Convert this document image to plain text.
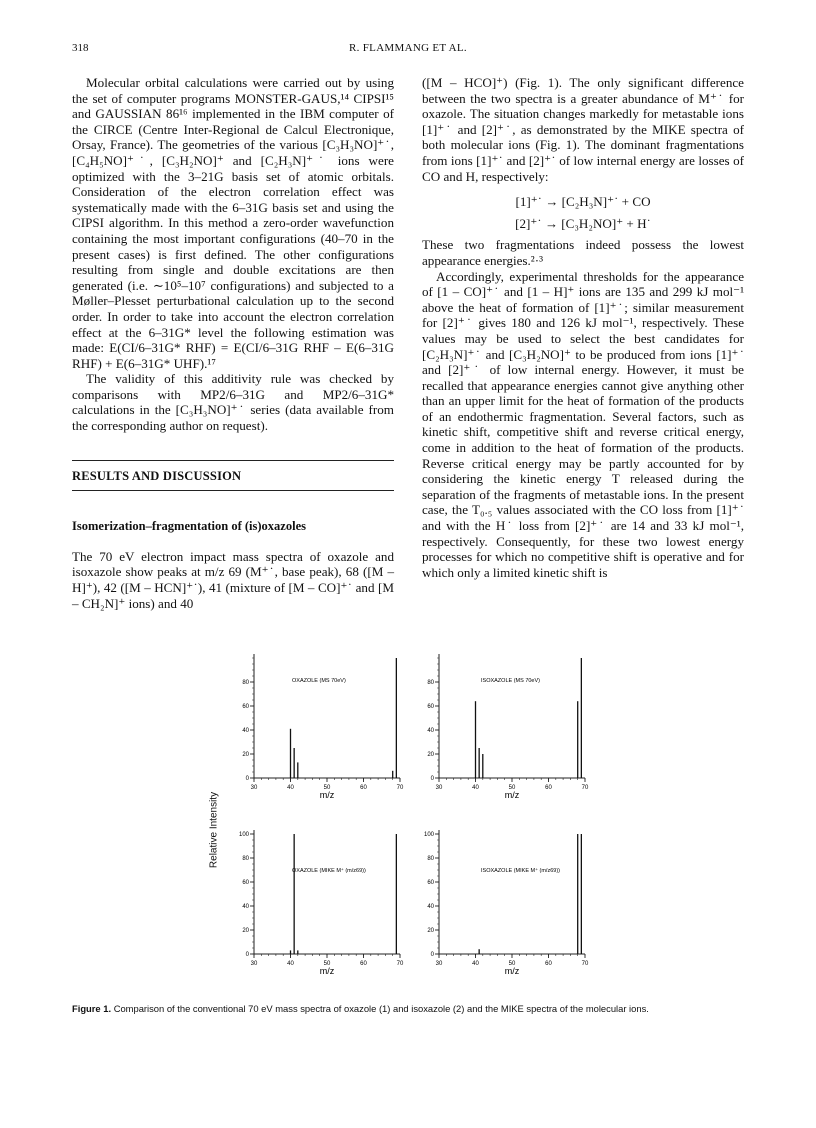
318	R. FLAMMANG ET AL.

Molecular orbital calculations were carried out by using the set of computer programs MONSTER-GAUS,¹⁴ CIPSI¹⁵ and GAUSSIAN 86¹⁶ implemented in the IBM computer of the CIRCE (Centre Inter-Regional de Calcul Electronique, Orsay, France). The geometries of the various [C₃H₃NO]⁺˙, [C₄H₅NO]⁺˙, [C₃H₂NO]⁺ and [C₂H₃N]⁺˙ ions were optimized with the 3–21G basis set of atomic orbitals. Consideration of the electron correlation effect was systematically made with the 6–31G basis set and using the CIPSI algorithm. In this method a zero-order wavefunction containing the most important configurations (40–70 in the present cases) is first defined. The other configurations resulting from single and double excitations are then generated (i.e. ∼10⁵–10⁷ configurations) and subjected to a Møller–Plesset perturbational calculation up to the second order. In order to take into account the electron correlation effect at the 6–31G* level the following estimation was made: E(CI/6–31G* RHF) = E(CI/6–31G RHF – E(6–31G RHF) + E(6–31G* UHF).¹⁷

The validity of this additivity rule was checked by comparisons with MP2/6–31G and MP2/6–31G* calculations in the [C₃H₃NO]⁺˙ series (data available from the corresponding author on request).

RESULTS AND DISCUSSION
Isomerization–fragmentation of (is)oxazoles

The 70 eV electron impact mass spectra of oxazole and isoxazole show peaks at m/z 69 (M⁺˙, base peak), 68 ([M – H]⁺), 42 ([M – HCN]⁺˙), 41 (mixture of [M – CO]⁺˙ and [M – CH₂N]⁺ ions) and 40

([M – HCO]⁺) (Fig. 1). The only significant difference between the two spectra is a greater abundance of M⁺˙ for oxazole. The situation changes markedly for metastable ions [1]⁺˙ and [2]⁺˙, as demonstrated by the MIKE spectra of both molecular ions (Fig. 1). The dominant fragmentations from ions [1]⁺˙ and [2]⁺˙ of low internal energy are losses of CO and H, respectively:

[1]⁺˙ → [C₂H₃N]⁺˙ + CO
[2]⁺˙ → [C₃H₂NO]⁺ + H˙

These two fragmentations indeed possess the lowest appearance energies.²·³

Accordingly, experimental thresholds for the appearance of [1 – CO]⁺˙ and [1 – H]⁺ ions are 135 and 299 kJ mol⁻¹ above the heat of formation of [1]⁺˙; similar measurement for [2]⁺˙ gives 180 and 126 kJ mol⁻¹, respectively. These values may be used to select the best candidates for [C₂H₃N]⁺˙ and [C₃H₂NO]⁺ to be produced from ions [1]⁺˙ and [2]⁺˙ of low internal energy. However, it must be recalled that appearance energies cannot give anything other than an upper limit for the heat of formation of the products of an endothermic fragmentation. Several factors, such as kinetic shift, competitive shift and reverse critical energy, come in addition to the heat of formation of the products. Reverse critical energy may be partly accounted for by considering the kinetic energy T released during the separation of the fragments of metastable ions. In the present case, the T₀.₅ values associated with the CO loss from [1]⁺˙ and with the H˙ loss from [2]⁺˙ are 14 and 33 kJ mol⁻¹, respectively. Consequently, for these two lowest energy processes for which no competitive shift is operative and for which only a limited kinetic shift is

Relative Intensity
30	40	50	60	70
0
20
40
60
80	OXAZOLE (MS 70eV)
m/z
30	40	50	60	70
0
20
40
60
80	ISOXAZOLE (MS 70eV)
m/z
30	40	50	60	70
0
20
40
60
80
100
OXAZOLE (MIKE M⁺ (m/z69))
m/z
30	40	50	60	70
0
20
40
60
80
100
ISOXAZOLE (MIKE M⁺ (m/z69))
m/z
Figure 1. Comparison of the conventional 70 eV mass spectra of oxazole (1) and isoxazole (2) and the MIKE spectra of the molecular ions.
